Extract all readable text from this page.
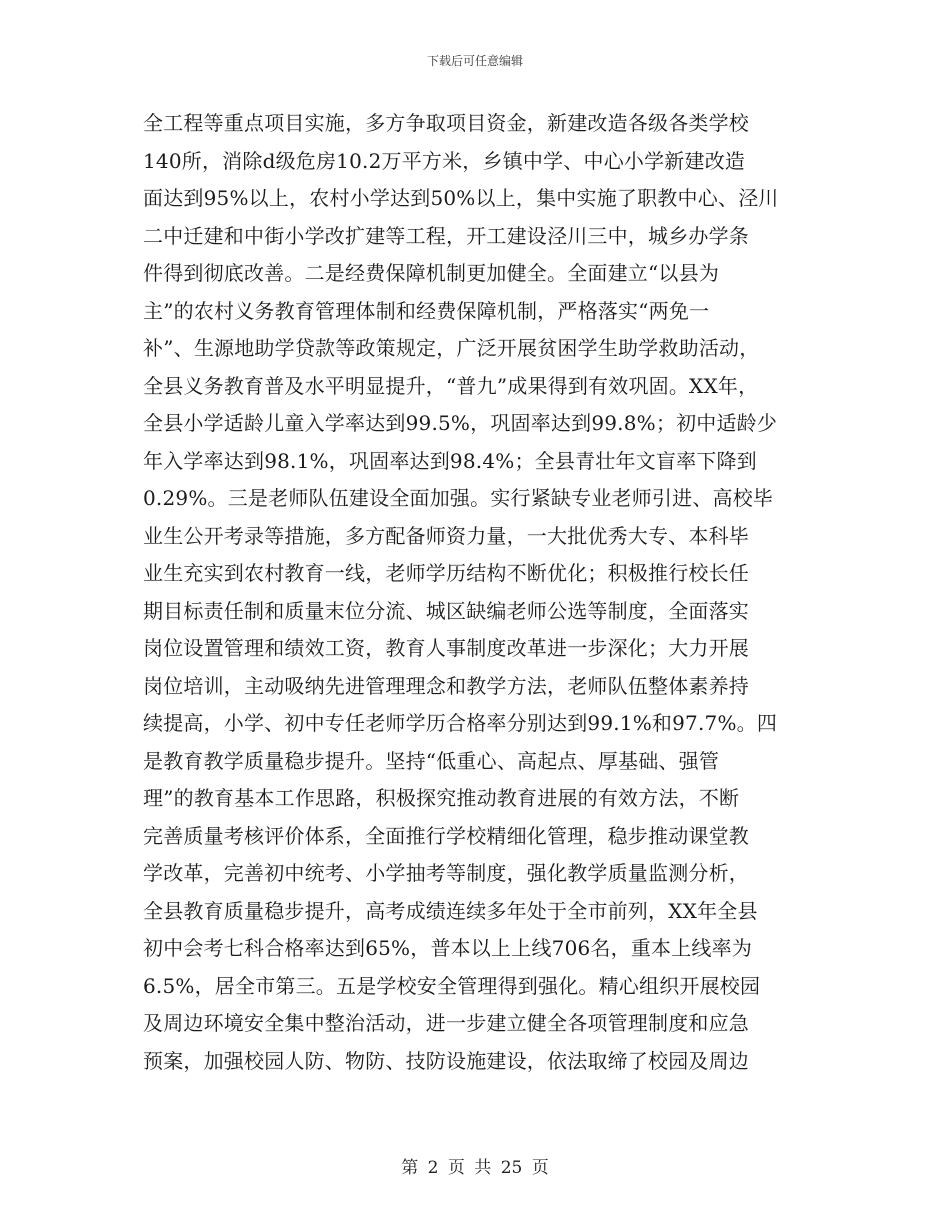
下载后可任意编辑
全工程等重点项目实施，多方争取项目资金，新建改造各级各类学校
140所，消除d级危房10.2万平方米，乡镇中学、中心小学新建改造
面达到95%以上，农村小学达到50%以上，集中实施了职教中心、泾川
二中迁建和中街小学改扩建等工程，开工建设泾川三中，城乡办学条
件得到彻底改善。二是经费保障机制更加健全。全面建立“以县为
主”的农村义务教育管理体制和经费保障机制，严格落实“两免一
补”、生源地助学贷款等政策规定，广泛开展贫困学生助学救助活动，
全县义务教育普及水平明显提升，“普九”成果得到有效巩固。XX年，
全县小学适龄儿童入学率达到99.5%，巩固率达到99.8%；初中适龄少
年入学率达到98.1%，巩固率达到98.4%；全县青壮年文盲率下降到
0.29%。三是老师队伍建设全面加强。实行紧缺专业老师引进、高校毕
业生公开考录等措施，多方配备师资力量，一大批优秀大专、本科毕
业生充实到农村教育一线，老师学历结构不断优化；积极推行校长任
期目标责任制和质量末位分流、城区缺编老师公选等制度，全面落实
岗位设置管理和绩效工资，教育人事制度改革进一步深化；大力开展
岗位培训，主动吸纳先进管理理念和教学方法，老师队伍整体素养持
续提高，小学、初中专任老师学历合格率分别达到99.1%和97.7%。四
是教育教学质量稳步提升。坚持“低重心、高起点、厚基础、强管
理”的教育基本工作思路，积极探究推动教育进展的有效方法，不断
完善质量考核评价体系，全面推行学校精细化管理，稳步推动课堂教
学改革，完善初中统考、小学抽考等制度，强化教学质量监测分析，
全县教育质量稳步提升，高考成绩连续多年处于全市前列，XX年全县
初中会考七科合格率达到65%，普本以上上线706名，重本上线率为
6.5%，居全市第三。五是学校安全管理得到强化。精心组织开展校园
及周边环境安全集中整治活动，进一步建立健全各项管理制度和应急
预案，加强校园人防、物防、技防设施建设，依法取缔了校园及周边
第 2 页 共 25 页
